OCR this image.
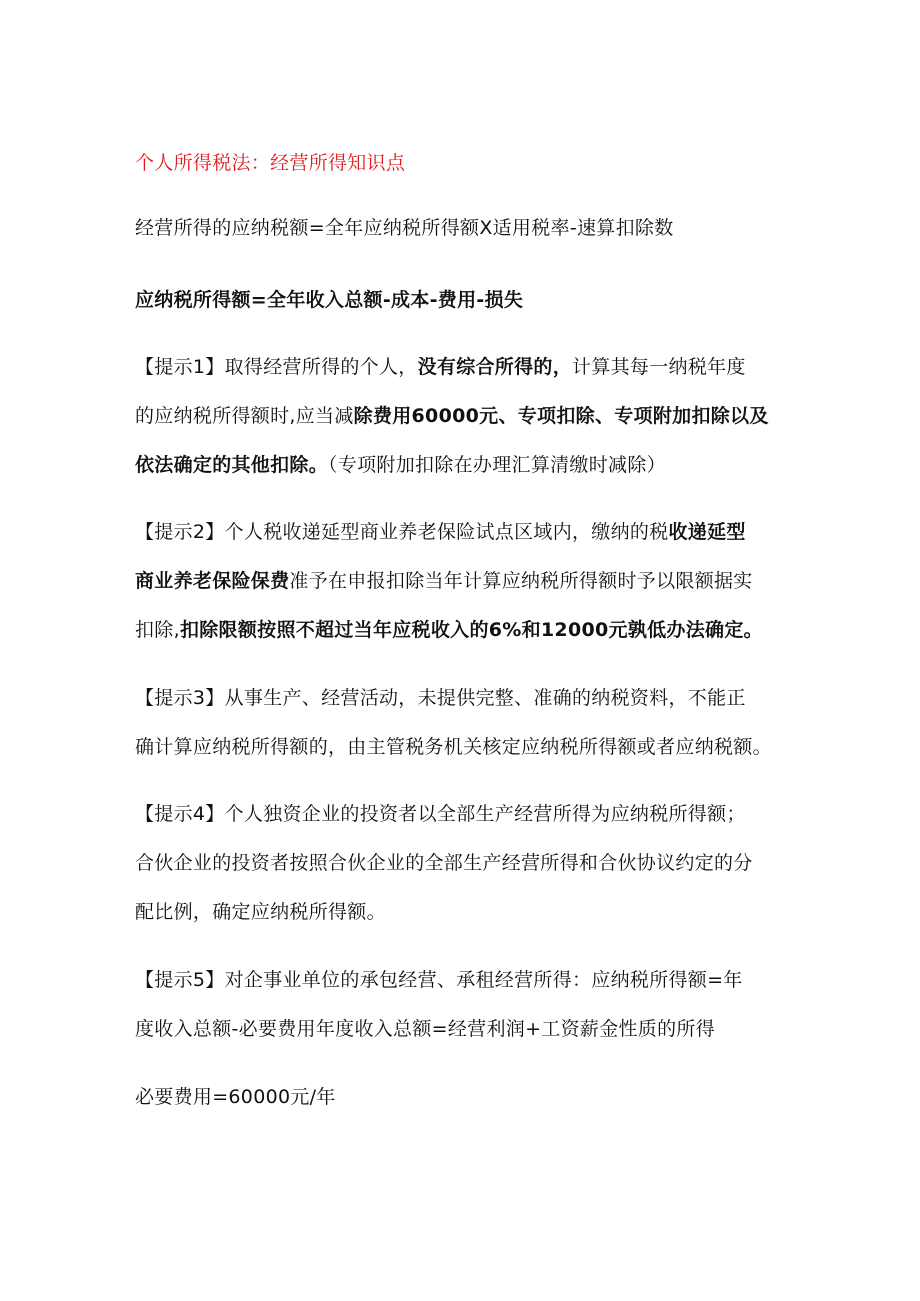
个人所得税法：经营所得知识点
经营所得的应纳税额=全年应纳税所得额X适用税率-速算扣除数
应纳税所得额=全年收入总额-成本-费用-损失
【提示1】取得经营所得的个人，没有综合所得的，计算其每一纳税年度
的应纳税所得额时,应当减除费用60000元、专项扣除、专项附加扣除以及
依法确定的其他扣除。（专项附加扣除在办理汇算清缴时减除）
【提示2】个人税收递延型商业养老保险试点区域内，缴纳的税收递延型
商业养老保险保费准予在申报扣除当年计算应纳税所得额时予以限额据实
扣除,扣除限额按照不超过当年应税收入的6%和12000元孰低办法确定。
【提示3】从事生产、经营活动，未提供完整、准确的纳税资料，不能正
确计算应纳税所得额的，由主管税务机关核定应纳税所得额或者应纳税额。
【提示4】个人独资企业的投资者以全部生产经营所得为应纳税所得额；
合伙企业的投资者按照合伙企业的全部生产经营所得和合伙协议约定的分
配比例，确定应纳税所得额。
【提示5】对企事业单位的承包经营、承租经营所得：应纳税所得额=年
度收入总额-必要费用年度收入总额=经营利润+工资薪金性质的所得
必要费用=60000元/年
